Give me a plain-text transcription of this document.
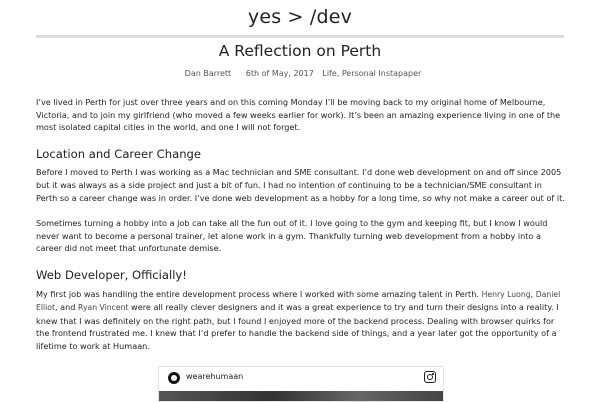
yes > /dev
A Reflection on Perth
Dan Barrett 6th of May, 2017 Life, Personal Instapaper

I’ve lived in Perth for just over three years and on this coming Monday I’ll be moving back to my original home of Melbourne, Victoria, and to join my girlfriend (who moved a few weeks earlier for work). It’s been an amazing experience living in one of the most isolated capital cities in the world, and one I will not forget.

Location and Career Change

Before I moved to Perth I was working as a Mac technician and SME consultant. I’d done web development on and off since 2005 but it was always as a side project and just a bit of fun. I had no intention of continuing to be a technician/SME consultant in Perth so a career change was in order. I’ve done web development as a hobby for a long time, so why not make a career out of it.

Sometimes turning a hobby into a job can take all the fun out of it. I love going to the gym and keeping fit, but I know I would never want to become a personal trainer, let alone work in a gym. Thankfully turning web development from a hobby into a career did not meet that unfortunate demise.

Web Developer, Officially!

My first job was handling the entire development process where I worked with some amazing talent in Perth. Henry Luong, Daniel Elliot, and Ryan Vincent were all really clever designers and it was a great experience to try and turn their designs into a reality. I knew that I was definitely on the right path, but I found I enjoyed more of the backend process. Dealing with browser quirks for the frontend frustrated me. I knew that I’d prefer to handle the backend side of things, and a year later got the opportunity of a lifetime to work at Humaan.

wearehumaan
